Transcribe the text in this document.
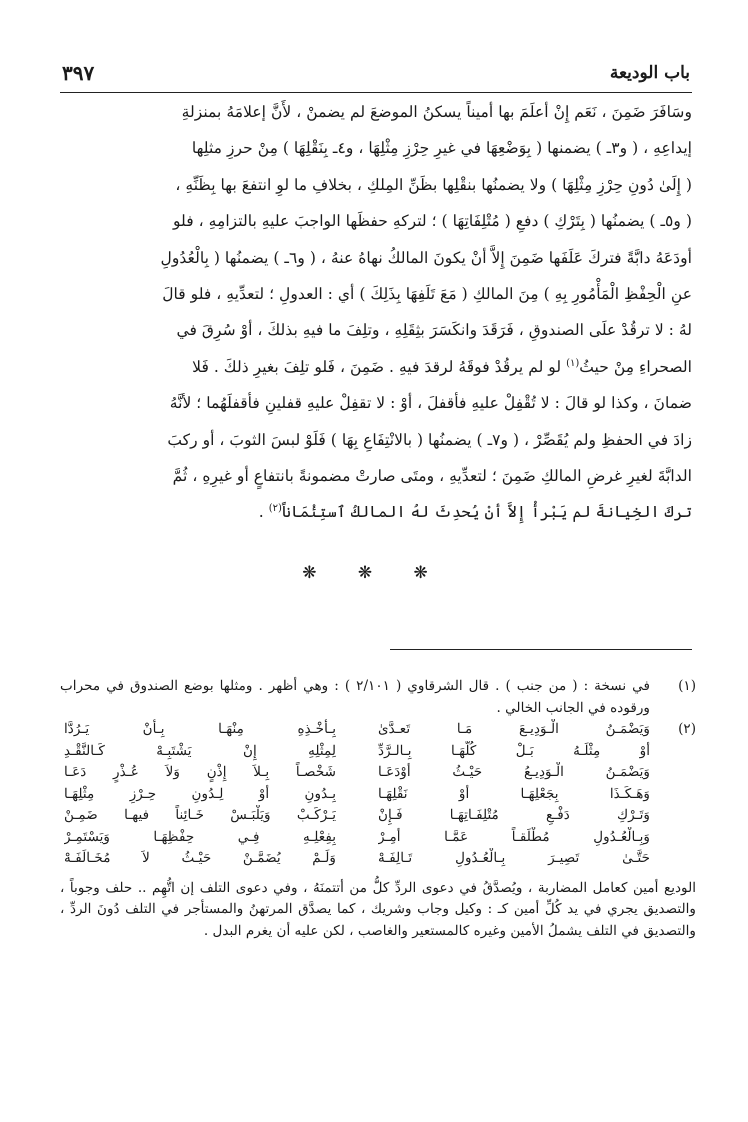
باب الوديعة
٣٩٧
وسَافَرَ ضَمِنَ ، نَعَم إِنْ أعلَمَ بها أميناً يسكنُ الموضعَ لم يضمنْ ، لأَنَّ إعلامَهُ بمنزلةِ
إيداعِهِ ، ( و٣ـ ) يضمنها ( بِوَضْعِهَا في غيرِ حِرْزِ مِثْلِهَا ، و٤ـ بِنَقْلِهَا ) مِنْ حرزِ مثلِها
( إِلَىٰ دُونِ حِرْزِ مِثْلِهَا ) ولا يضمنُها بنقْلِها بظَنِّ المِلكِ ، بخلافِ ما لوِ انتفعَ بها بِظَنِّهِ ،
( و٥ـ ) يضمنُها ( بِتَرْكِ ) دفعِ ( مُتْلِفَاتِهَا ) ؛ لتركهِ حفظَها الواجبَ عليهِ بالتزامِهِ ، فلو
أودَعَهُ دابَّةً فتركَ عَلَفَها ضَمِنَ إِلاَّ أنْ يكونَ المالكُ نهاهُ عنهُ ، ( و٦ـ ) يضمنُها ( بِالْعُدُولِ
عنِ الْحِفْظِ الْمَأْمُورِ بِهِ ) مِنَ المالكِ ( مَعَ تَلَفِهَا بِذَلِكَ ) أي : العدولِ ؛ لتعدِّيهِ ، فلو قالَ
لهُ : لا ترقُدْ علَى الصندوقِ ، فَرَقَدَ وانكَسَرَ بثِقَلِهِ ، وتلِفَ ما فيهِ بذلكَ ، أوْ سُرِقَ في
الصحراءِ مِنْ حيثُ$^{(١)}$ لو لم يرقُدْ فوقَهُ لرقدَ فيهِ . ضَمِنَ ، فَلو تلِفَ بغيرِ ذلكَ . فَلا
ضمانَ ، وكذا لو قالَ : لا تُقْفِلْ عليهِ فأقفلَ ، أوْ : لا تقفِلْ عليهِ قفلينِ فأقفلَهُما ؛ لأنَّهُ
زادَ في الحفظِ ولم يُقَصِّرْ ، ( و٧ـ ) يضمنُها ( بالانْتِفَاعِ بِهَا ) فَلَوْ لبسَ الثوبَ ، أو ركبَ
الدابَّةَ لغيرِ غرضِ المالكِ ضَمِنَ ؛ لتعدِّيهِ ، ومتَى صارتْ مضمونةً بانتفاعٍ أو غيرِهِ ، ثُمَّ
تركَ الخِيانةَ لم يَبْرأْ إِلاَّ أنْ يُحدِثَ لهُ المالكُ ٱستِئْمَاناً$^{(٢)}$ .
❋ ❋ ❋
(١)
في نسخة : ( من جنب ) . قال الشرقاوي ( ٢/١٠١ ) : وهي أظهر . ومثلها بوضع الصندوق في محراب ورقوده في الجانب الخالي .
(٢)
وَيَضْمَـنُ الْـوَدِيـعَ مَـا تَعـدَّىٰ
بِـأَخْـذِهِ مِنْهَـا بِـأَنْ يَـرُدَّا
أَوْ مِثْلَـهُ بَـلْ كُلَّهَـا بِـالـرَّدِّ
لِمِثْلِهِ إِنْ يَشْتَبِـهْ كَـالنَّقْـدِ
وَيَضْمَـنُ الْـوَدِيـعُ حَيْـثُ أَوْدَعَـا
شَخْصـاً بِـلاَ إِذْنٍ وَلاَ عُـذْرٍ دَعَـا
وَهَـكَـذَا بِجَعْلِهَـا أَوْ نَقْلِهَـا
بِـدُونِ أَوْ لِـدُونِ حِـرْزِ مِثْلِهَـا
وَتَـرْكِ دَفْـعِ مُتْلِفَـاتِهَـا فَـإِنْ
يَـرْكَـبْ وَيَلْبَـسْ خَـائِناً فيهـا ضَمِـنْ
وَبِـالْعُـدُولِ مُطْلَقـاً عَمَّـا أُمِـرْ
بِفِعْلِـهِ فِـي حِفْظِهَـا وَيَسْتَمِـرْ
حَتَّـىٰ تَصِيـرَ بِـالْعُـدُولِ تَـالِفَـهْ
وَلَـمْ يُضَمَّـنْ حَيْـثُ لاَ مُخَـالَفَـهْ
الوديع أمين كعامل المضاربة ، ويُصدَّقُ في دعوى الردِّ كلُّ من أتتمنَهُ ، وفي دعوى التلف إن اتُّهِم .. حلف وجوباً ، والتصديق يجري في يد كُلِّ أمين كـ : وكيل وجاب وشريك ، كما يصدَّق المرتهنُ والمستأجر في التلف دُونَ الردِّ ، والتصديق في التلف يشملُ الأمين وغيره كالمستعير والغاصب ، لكن عليه أن يغرم البدل .
